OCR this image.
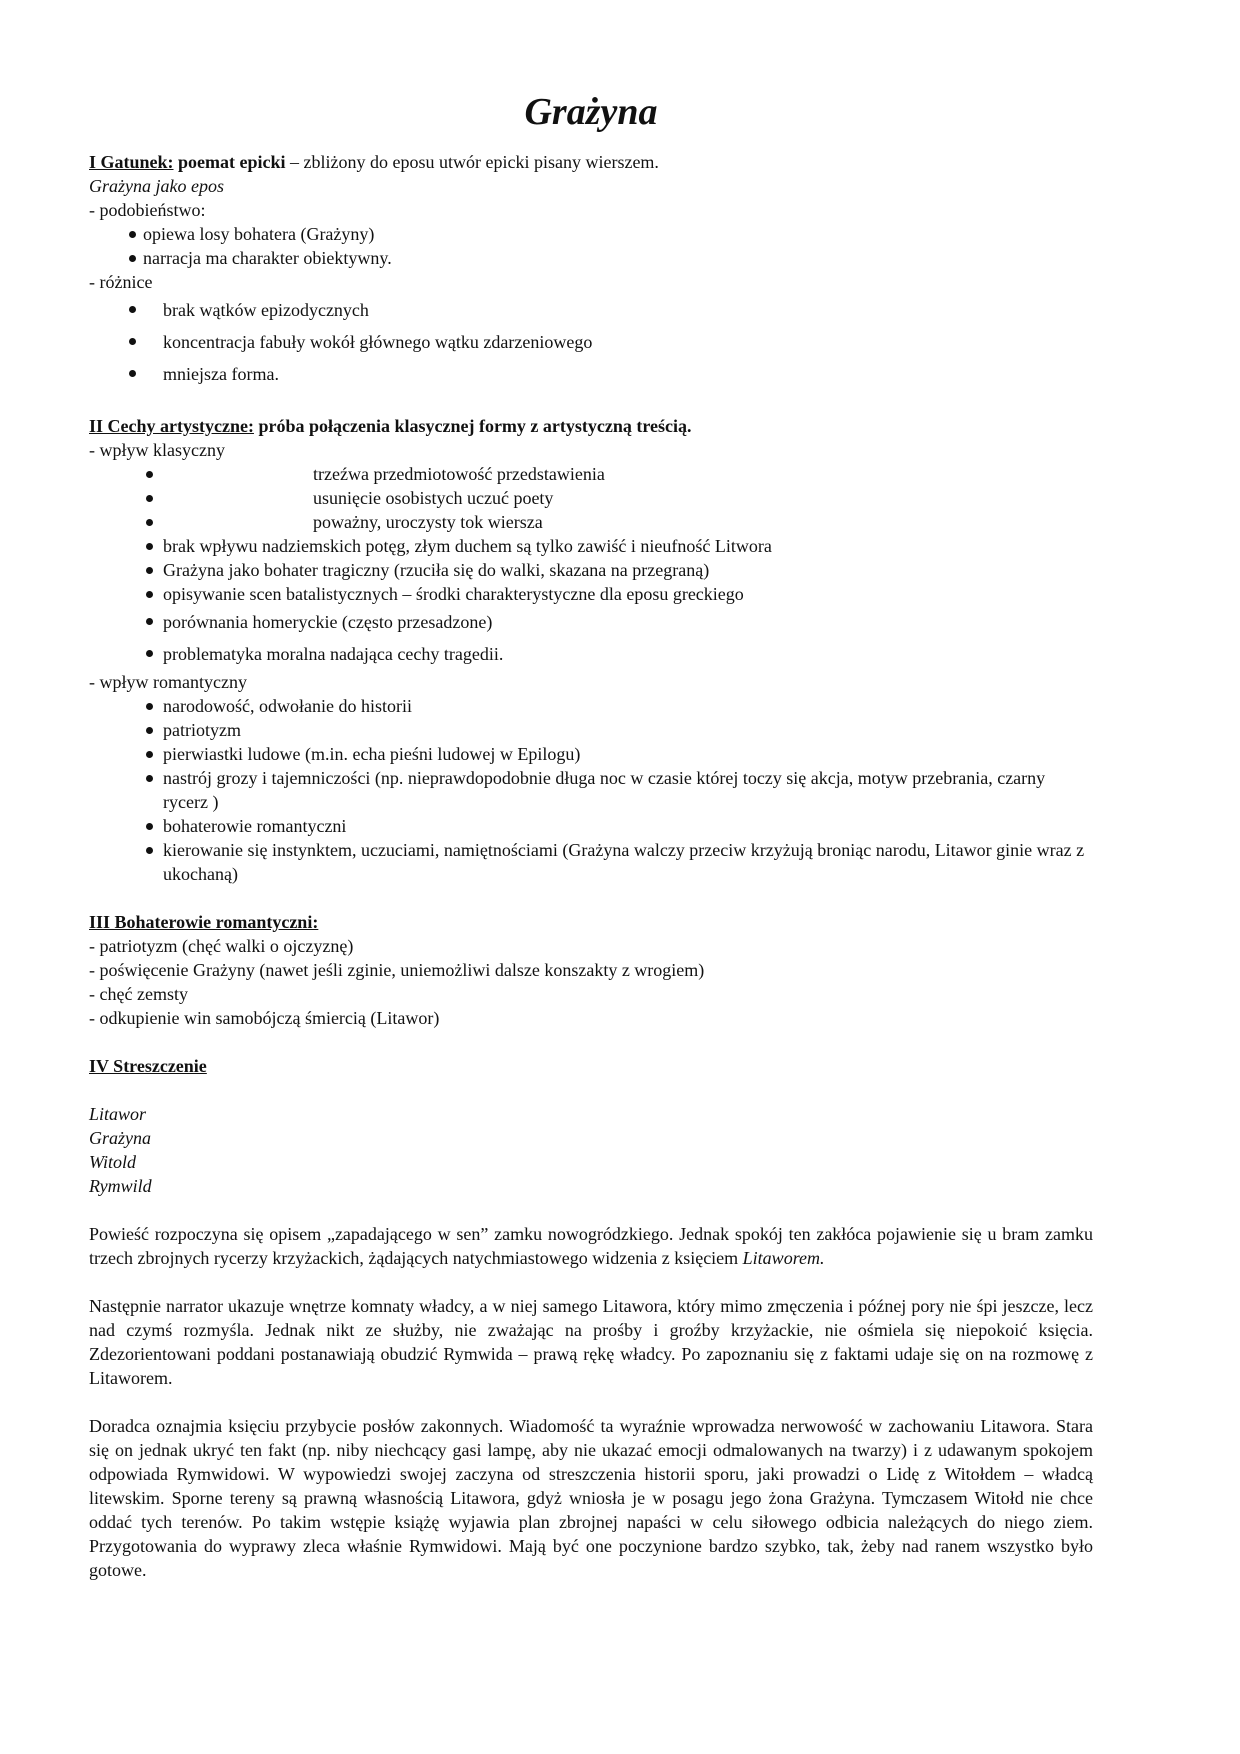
Grażyna

I Gatunek: poemat epicki – zbliżony do eposu utwór epicki pisany wierszem.

Grażyna jako epos

- podobieństwo:

opiewa losy bohatera (Grażyny)
narracja ma charakter obiektywny.

- różnice

brak wątków epizodycznych
koncentracja fabuły wokół głównego wątku zdarzeniowego
mniejsza forma.

II Cechy artystyczne: próba połączenia klasycznej formy z artystyczną treścią.

- wpływ klasyczny

trzeźwa przedmiotowość przedstawienia
usunięcie osobistych uczuć poety
poważny, uroczysty tok wiersza
brak wpływu nadziemskich potęg, złym duchem są tylko zawiść i nieufność Litwora
Grażyna jako bohater tragiczny (rzuciła się do walki, skazana na przegraną)
opisywanie scen batalistycznych – środki charakterystyczne dla eposu greckiego
porównania homeryckie (często przesadzone)
problematyka moralna nadająca cechy tragedii.

- wpływ romantyczny

narodowość, odwołanie do historii
patriotyzm
pierwiastki ludowe (m.in. echa pieśni ludowej w Epilogu)
nastrój grozy i tajemniczości (np. nieprawdopodobnie długa noc w czasie której toczy się akcja, motyw przebrania, czarny rycerz )
bohaterowie romantyczni
kierowanie się instynktem, uczuciami, namiętnościami (Grażyna walczy przeciw krzyżują broniąc narodu, Litawor ginie wraz z ukochaną)

III Bohaterowie romantyczni:

- patriotyzm (chęć walki o ojczyznę)

- poświęcenie Grażyny (nawet jeśli zginie, uniemożliwi dalsze konszakty z wrogiem)

- chęć zemsty

- odkupienie win samobójczą śmiercią (Litawor)

IV Streszczenie

Litawor

Grażyna

Witold

Rymwild

Powieść rozpoczyna się opisem „zapadającego w sen” zamku nowogródzkiego. Jednak spokój ten zakłóca pojawienie się u bram zamku trzech zbrojnych rycerzy krzyżackich, żądających natychmiastowego widzenia z księciem Litaworem.

Następnie narrator ukazuje wnętrze komnaty władcy, a w niej samego Litawora, który mimo zmęczenia i późnej pory nie śpi jeszcze, lecz nad czymś rozmyśla. Jednak nikt ze służby, nie zważając na prośby i groźby krzyżackie, nie ośmiela się niepokoić księcia. Zdezorientowani poddani postanawiają obudzić Rymwida – prawą rękę władcy. Po zapoznaniu się z faktami udaje się on na rozmowę z Litaworem.

Doradca oznajmia księciu przybycie posłów zakonnych. Wiadomość ta wyraźnie wprowadza nerwowość w zachowaniu Litawora. Stara się on jednak ukryć ten fakt (np. niby niechcący gasi lampę, aby nie ukazać emocji odmalowanych na twarzy) i z udawanym spokojem odpowiada Rymwidowi. W wypowiedzi swojej zaczyna od streszczenia historii sporu, jaki prowadzi o Lidę z Witołdem – władcą litewskim. Sporne tereny są prawną własnością Litawora, gdyż wniosła je w posagu jego żona Grażyna. Tymczasem Witołd nie chce oddać tych terenów. Po takim wstępie książę wyjawia plan zbrojnej napaści w celu siłowego odbicia należących do niego ziem. Przygotowania do wyprawy zleca właśnie Rymwidowi. Mają być one poczynione bardzo szybko, tak, żeby nad ranem wszystko było gotowe.
